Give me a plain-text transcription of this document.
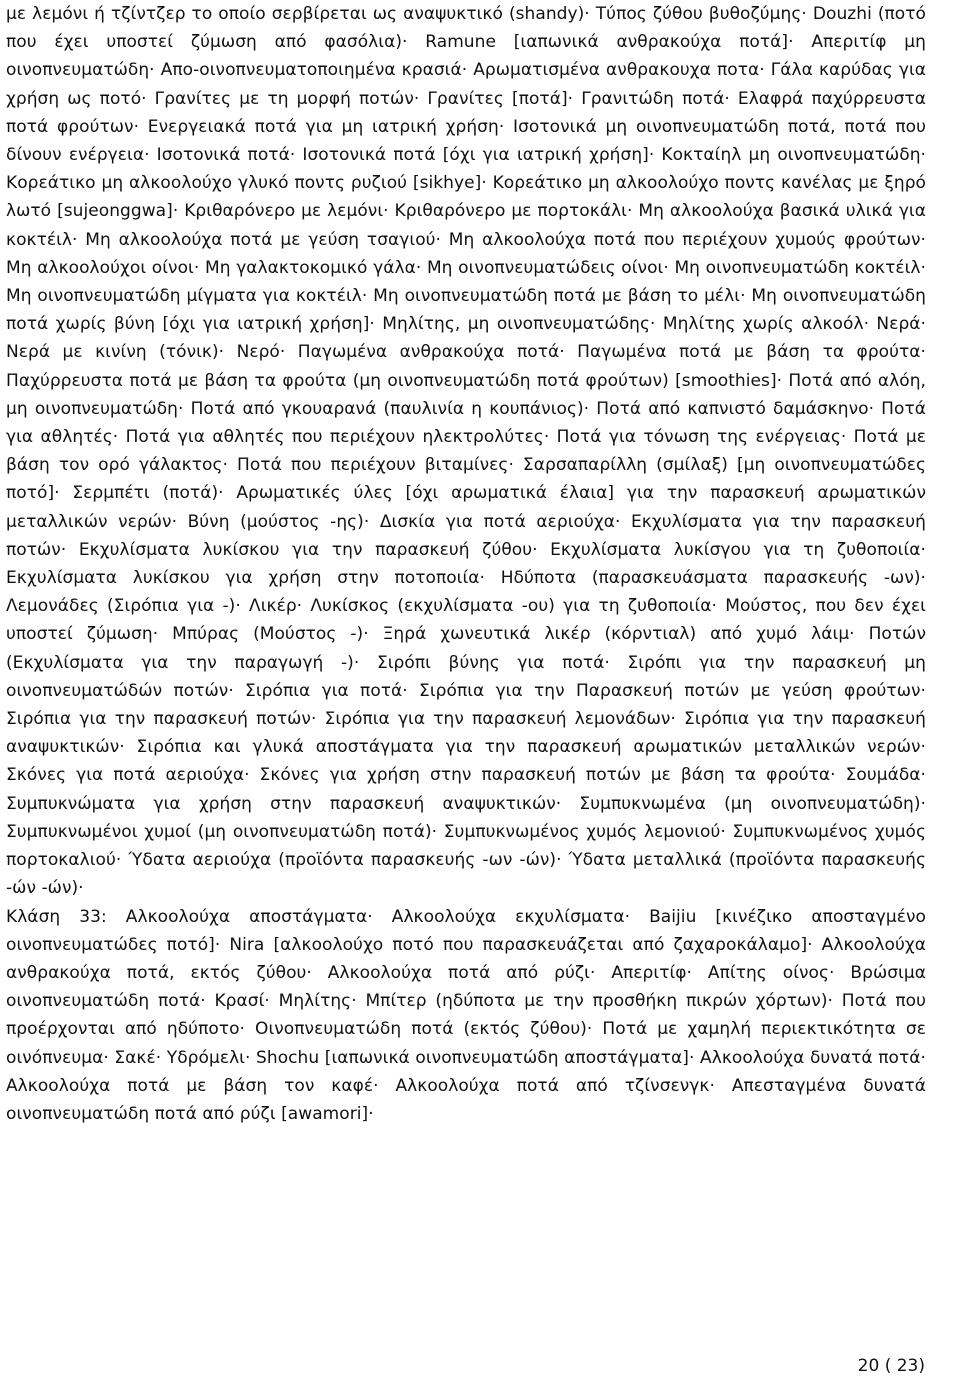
με λεμόνι ή τζίντζερ το οποίο σερβίρεται ως αναψυκτικό (shandy)· Τύπος ζύθου βυθοζύμης· Douzhi (ποτό που έχει υποστεί ζύμωση από φασόλια)· Ramune [ιαπωνικά ανθρακούχα ποτά]· Απεριτίφ μη οινοπνευματώδη· Απο-οινοπνευματοποιημένα κρασιά· Αρωματισμένα ανθρακουχα ποτα· Γάλα καρύδας για χρήση ως ποτό· Γρανίτες με τη μορφή ποτών· Γρανίτες [ποτά]· Γρανιτώδη ποτά· Ελαφρά παχύρρευστα ποτά φρούτων· Ενεργειακά ποτά για μη ιατρική χρήση· Ισοτονικά μη οινοπνευματώδη ποτά, ποτά που δίνουν ενέργεια· Ισοτονικά ποτά· Ισοτονικά ποτά [όχι για ιατρική χρήση]· Κοκταίηλ μη οινοπνευματώδη· Κορεάτικο μη αλκοολούχο γλυκό ποντς ρυζιού [sikhye]· Κορεάτικο μη αλκοολούχο ποντς κανέλας με ξηρό λωτό [sujeonggwa]· Κριθαρόνερο με λεμόνι· Κριθαρόνερο με πορτοκάλι· Μη αλκοολούχα βασικά υλικά για κοκτέιλ· Μη αλκοολούχα ποτά με γεύση τσαγιού· Μη αλκοολούχα ποτά που περιέχουν χυμούς φρούτων· Μη αλκοολούχοι οίνοι· Μη γαλακτοκομικό γάλα· Μη οινοπνευματώδεις οίνοι· Μη οινοπνευματώδη κοκτέιλ· Μη οινοπνευματώδη μίγματα για κοκτέιλ· Μη οινοπνευματώδη ποτά με βάση το μέλι· Μη οινοπνευματώδη ποτά χωρίς βύνη [όχι για ιατρική χρήση]· Μηλίτης, μη οινοπνευματώδης· Μηλίτης χωρίς αλκοόλ· Νερά· Νερά με κινίνη (τόνικ)· Νερό· Παγωμένα ανθρακούχα ποτά· Παγωμένα ποτά με βάση τα φρούτα· Παχύρρευστα ποτά με βάση τα φρούτα (μη οινοπνευματώδη ποτά φρούτων) [smoothies]· Ποτά από αλόη, μη οινοπνευματώδη· Ποτά από γκουαρανά (παυλινία η κουπάνιος)· Ποτά από καπνιστό δαμάσκηνο· Ποτά για αθλητές· Ποτά για αθλητές που περιέχουν ηλεκτρολύτες· Ποτά για τόνωση της ενέργειας· Ποτά με βάση τον ορό γάλακτος· Ποτά που περιέχουν βιταμίνες· Σαρσαπαρίλλη (σμίλαξ) [μη οινοπνευματώδες ποτό]· Σερμπέτι (ποτά)· Αρωματικές ύλες [όχι αρωματικά έλαια] για την παρασκευή αρωματικών μεταλλικών νερών· Βύνη (μούστος -ης)· Δισκία για ποτά αεριούχα· Εκχυλίσματα για την παρασκευή ποτών· Εκχυλίσματα λυκίσκου για την παρασκευή ζύθου· Εκχυλίσματα λυκίσγου για τη ζυθοποιία· Εκχυλίσματα λυκίσκου για χρήση στην ποτοποιία· Ηδύποτα (παρασκευάσματα παρασκευής -ων)· Λεμονάδες (Σιρόπια για -)· Λικέρ· Λυκίσκος (εκχυλίσματα -ου) για τη ζυθοποιία· Μούστος, που δεν έχει υποστεί ζύμωση· Μπύρας (Μούστος -)· Ξηρά χωνευτικά λικέρ (κόρντιαλ) από χυμό λάιμ· Ποτών (Εκχυλίσματα για την παραγωγή -)· Σιρόπι βύνης για ποτά· Σιρόπι για την παρασκευή μη οινοπνευματώδών ποτών· Σιρόπια για ποτά· Σιρόπια για την Παρασκευή ποτών με γεύση φρούτων· Σιρόπια για την παρασκευή ποτών· Σιρόπια για την παρασκευή λεμονάδων· Σιρόπια για την παρασκευή αναψυκτικών· Σιρόπια και γλυκά αποστάγματα για την παρασκευή αρωματικών μεταλλικών νερών· Σκόνες για ποτά αεριούχα· Σκόνες για χρήση στην παρασκευή ποτών με βάση τα φρούτα· Σουμάδα· Συμπυκνώματα για χρήση στην παρασκευή αναψυκτικών· Συμπυκνωμένα (μη οινοπνευματώδη)· Συμπυκνωμένοι χυμοί (μη οινοπνευματώδη ποτά)· Συμπυκνωμένος χυμός λεμονιού· Συμπυκνωμένος χυμός πορτοκαλιού· Ύδατα αεριούχα (προϊόντα παρασκευής -ων -ών)· Ύδατα μεταλλικά (προϊόντα παρασκευής -ών -ών)·

Κλάση 33: Αλκοολούχα αποστάγματα· Αλκοολούχα εκχυλίσματα· Baijiu [κινέζικο αποσταγμένο οινοπνευματώδες ποτό]· Nira [αλκοολούχο ποτό που παρασκευάζεται από ζαχαροκάλαμο]· Αλκοολούχα ανθρακούχα ποτά, εκτός ζύθου· Αλκοολούχα ποτά από ρύζι· Απεριτίφ· Απίτης οίνος· Βρώσιμα οινοπνευματώδη ποτά· Κρασί· Μηλίτης· Μπίτερ (ηδύποτα με την προσθήκη πικρών χόρτων)· Ποτά που προέρχονται από ηδύποτο· Οινοπνευματώδη ποτά (εκτός ζύθου)· Ποτά με χαμηλή περιεκτικότητα σε οινόπνευμα· Σακέ· Υδρόμελι· Shochu [ιαπωνικά οινοπνευματώδη αποστάγματα]· Αλκοολούχα δυνατά ποτά· Αλκοολούχα ποτά με βάση τον καφέ· Αλκοολούχα ποτά από τζίνσενγκ· Απεσταγμένα δυνατά οινοπνευματώδη ποτά από ρύζι [awamori]·

20 ( 23)
